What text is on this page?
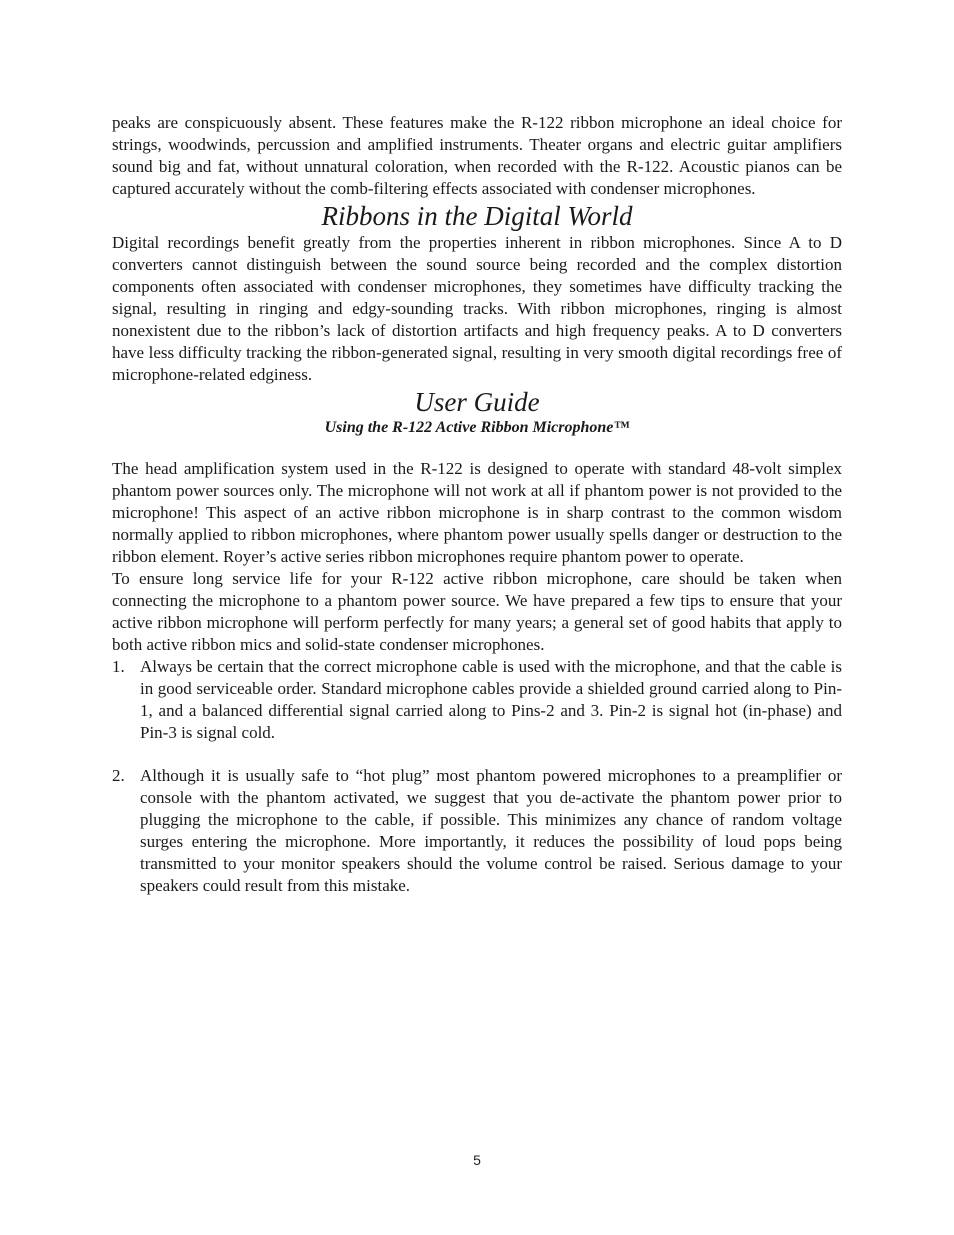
peaks are conspicuously absent. These features make the R-122 ribbon microphone an ideal choice for strings, woodwinds, percussion and amplified instruments. Theater organs and electric guitar amplifiers sound big and fat, without unnatural coloration, when recorded with the R-122. Acoustic pianos can be captured accurately without the comb-filtering effects associated with condenser microphones.

Ribbons in the Digital World

Digital recordings benefit greatly from the properties inherent in ribbon microphones. Since A to D converters cannot distinguish between the sound source being recorded and the complex distortion components often associated with condenser microphones, they sometimes have difficulty tracking the signal, resulting in ringing and edgy-sounding tracks. With ribbon microphones, ringing is almost nonexistent due to the ribbon’s lack of distortion artifacts and high frequency peaks. A to D converters have less difficulty tracking the ribbon-generated signal, resulting in very smooth digital recordings free of microphone-related edginess.

User Guide
Using the R-122 Active Ribbon Microphone™

The head amplification system used in the R-122 is designed to operate with standard 48-volt simplex phantom power sources only. The microphone will not work at all if phantom power is not provided to the microphone! This aspect of an active ribbon microphone is in sharp contrast to the common wisdom normally applied to ribbon microphones, where phantom power usually spells danger or destruction to the ribbon element. Royer’s active series ribbon microphones require phantom power to operate.

To ensure long service life for your R-122 active ribbon microphone, care should be taken when connecting the microphone to a phantom power source. We have prepared a few tips to ensure that your active ribbon microphone will perform perfectly for many years; a general set of good habits that apply to both active ribbon mics and solid-state condenser microphones.

1. Always be certain that the correct microphone cable is used with the microphone, and that the cable is in good serviceable order. Standard microphone cables provide a shielded ground carried along to Pin-1, and a balanced differential signal carried along to Pins-2 and 3. Pin-2 is signal hot (in-phase) and Pin-3 is signal cold.

2. Although it is usually safe to “hot plug” most phantom powered microphones to a preamplifier or console with the phantom activated, we suggest that you de-activate the phantom power prior to plugging the microphone to the cable, if possible. This minimizes any chance of random voltage surges entering the microphone. More importantly, it reduces the possibility of loud pops being transmitted to your monitor speakers should the volume control be raised. Serious damage to your speakers could result from this mistake.

5
